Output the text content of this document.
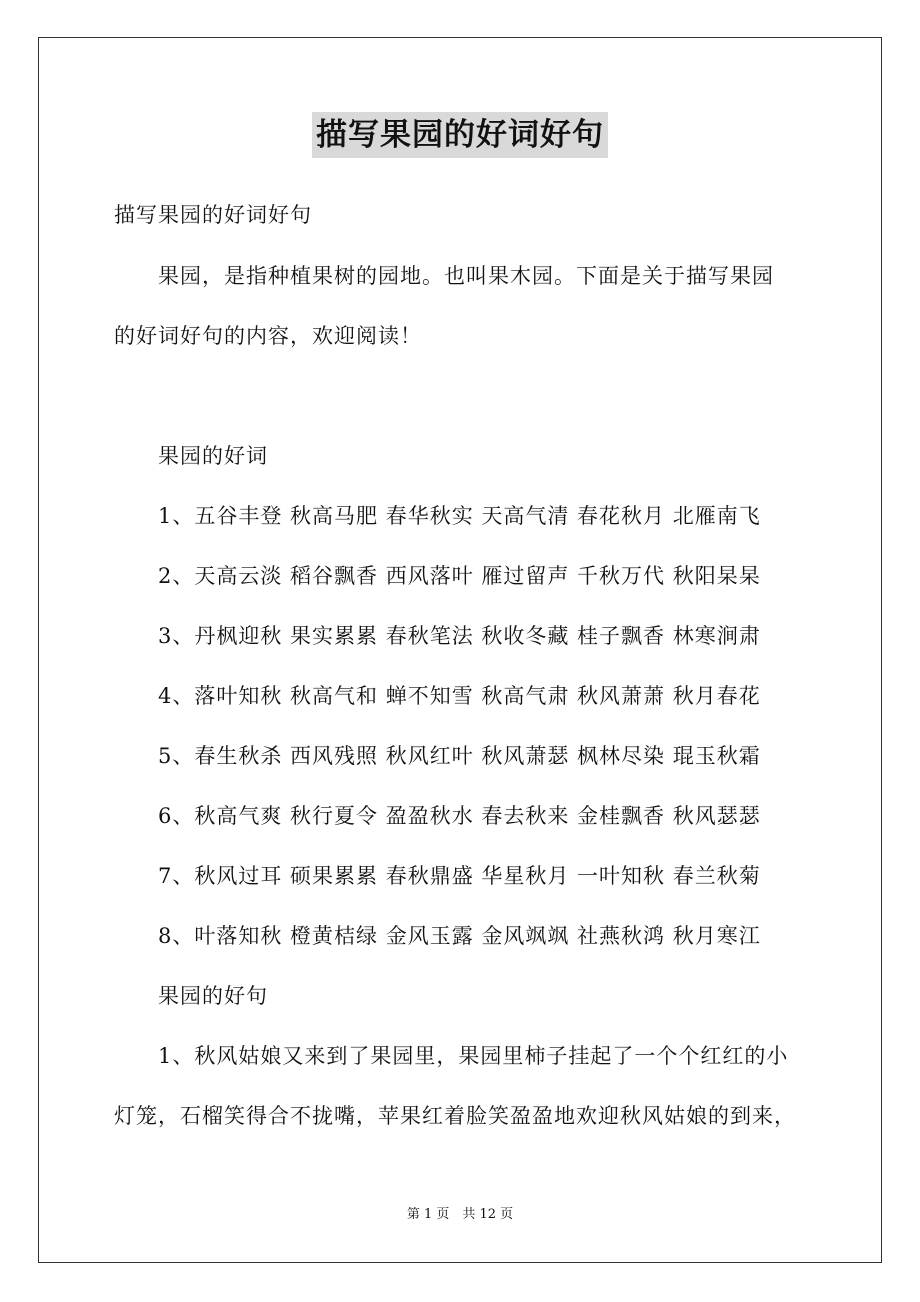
描写果园的好词好句
描写果园的好词好句
果园，是指种植果树的园地。也叫果木园。下面是关于描写果园
的好词好句的内容，欢迎阅读！
果园的好词
1、五谷丰登 秋高马肥 春华秋实 天高气清 春花秋月 北雁南飞
2、天高云淡 稻谷飘香 西风落叶 雁过留声 千秋万代 秋阳杲杲
3、丹枫迎秋 果实累累 春秋笔法 秋收冬藏 桂子飘香 林寒涧肃
4、落叶知秋 秋高气和 蝉不知雪 秋高气肃 秋风萧萧 秋月春花
5、春生秋杀 西风残照 秋风红叶 秋风萧瑟 枫林尽染 琨玉秋霜
6、秋高气爽 秋行夏令 盈盈秋水 春去秋来 金桂飘香 秋风瑟瑟
7、秋风过耳 硕果累累 春秋鼎盛 华星秋月 一叶知秋 春兰秋菊
8、叶落知秋 橙黄桔绿 金风玉露 金风飒飒 社燕秋鸿 秋月寒江
果园的好句
1、秋风姑娘又来到了果园里，果园里柿子挂起了一个个红红的小
灯笼，石榴笑得合不拢嘴，苹果红着脸笑盈盈地欢迎秋风姑娘的到来，
第 1 页　共 12 页
